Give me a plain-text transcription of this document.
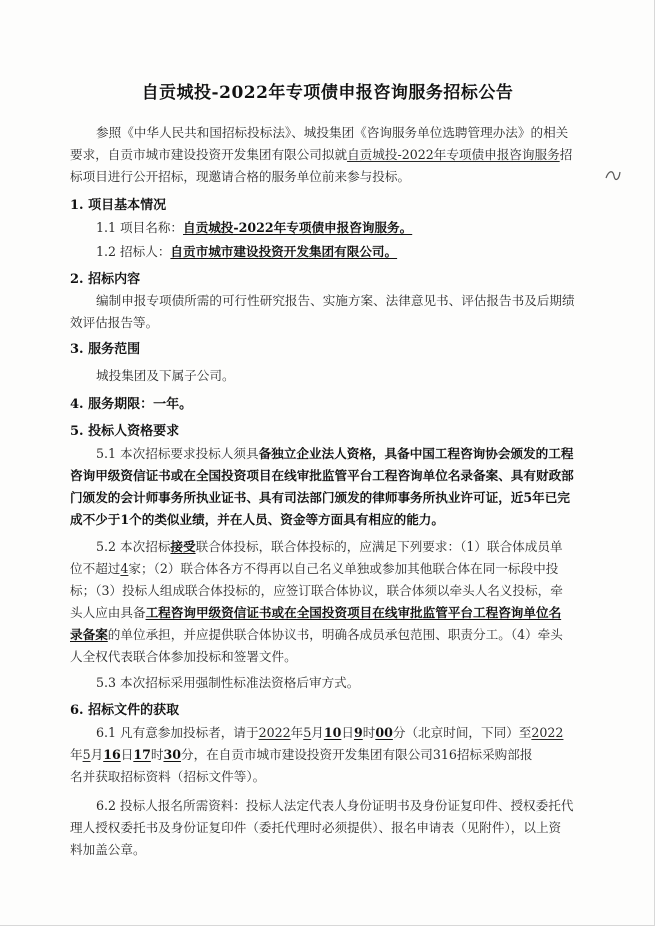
自贡城投-2022年专项债申报咨询服务招标公告
参照《中华人民共和国招标投标法》、城投集团《咨询服务单位选聘管理办法》的相关
要求，自贡市城市建设投资开发集团有限公司拟就自贡城投-2022年专项债申报咨询服务招
标项目进行公开招标，现邀请合格的服务单位前来参与投标。
1. 项目基本情况
1.1 项目名称：自贡城投-2022年专项债申报咨询服务。
1.2 招标人：自贡市城市建设投资开发集团有限公司。
2. 招标内容
编制申报专项债所需的可行性研究报告、实施方案、法律意见书、评估报告书及后期绩
效评估报告等。
3. 服务范围
城投集团及下属子公司。
4. 服务期限：一年。
5. 投标人资格要求
5.1 本次招标要求投标人须具备独立企业法人资格，具备中国工程咨询协会颁发的工程
咨询甲级资信证书或在全国投资项目在线审批监管平台工程咨询单位名录备案、具有财政部
门颁发的会计师事务所执业证书、具有司法部门颁发的律师事务所执业许可证，近5年已完
成不少于1个的类似业绩，并在人员、资金等方面具有相应的能力。
5.2 本次招标接受联合体投标，联合体投标的，应满足下列要求：（1）联合体成员单
位不超过4家；（2）联合体各方不得再以自己名义单独或参加其他联合体在同一标段中投
标；（3）投标人组成联合体投标的，应签订联合体协议，联合体须以牵头人名义投标，牵
头人应由具备工程咨询甲级资信证书或在全国投资项目在线审批监管平台工程咨询单位名
录备案的单位承担，并应提供联合体协议书，明确各成员承包范围、职责分工。（4）牵头
人全权代表联合体参加投标和签署文件。
5.3 本次招标采用强制性标准法资格后审方式。
6. 招标文件的获取
6.1 凡有意参加投标者，请于2022年5月10日9时00分（北京时间，下同）至2022
年5月16日17时30分，在自贡市城市建设投资开发集团有限公司316招标采购部报
名并获取招标资料（招标文件等）。
6.2 投标人报名所需资料：投标人法定代表人身份证明书及身份证复印件、授权委托代
理人授权委托书及身份证复印件（委托代理时必须提供）、报名申请表（见附件），以上资
料加盖公章。
